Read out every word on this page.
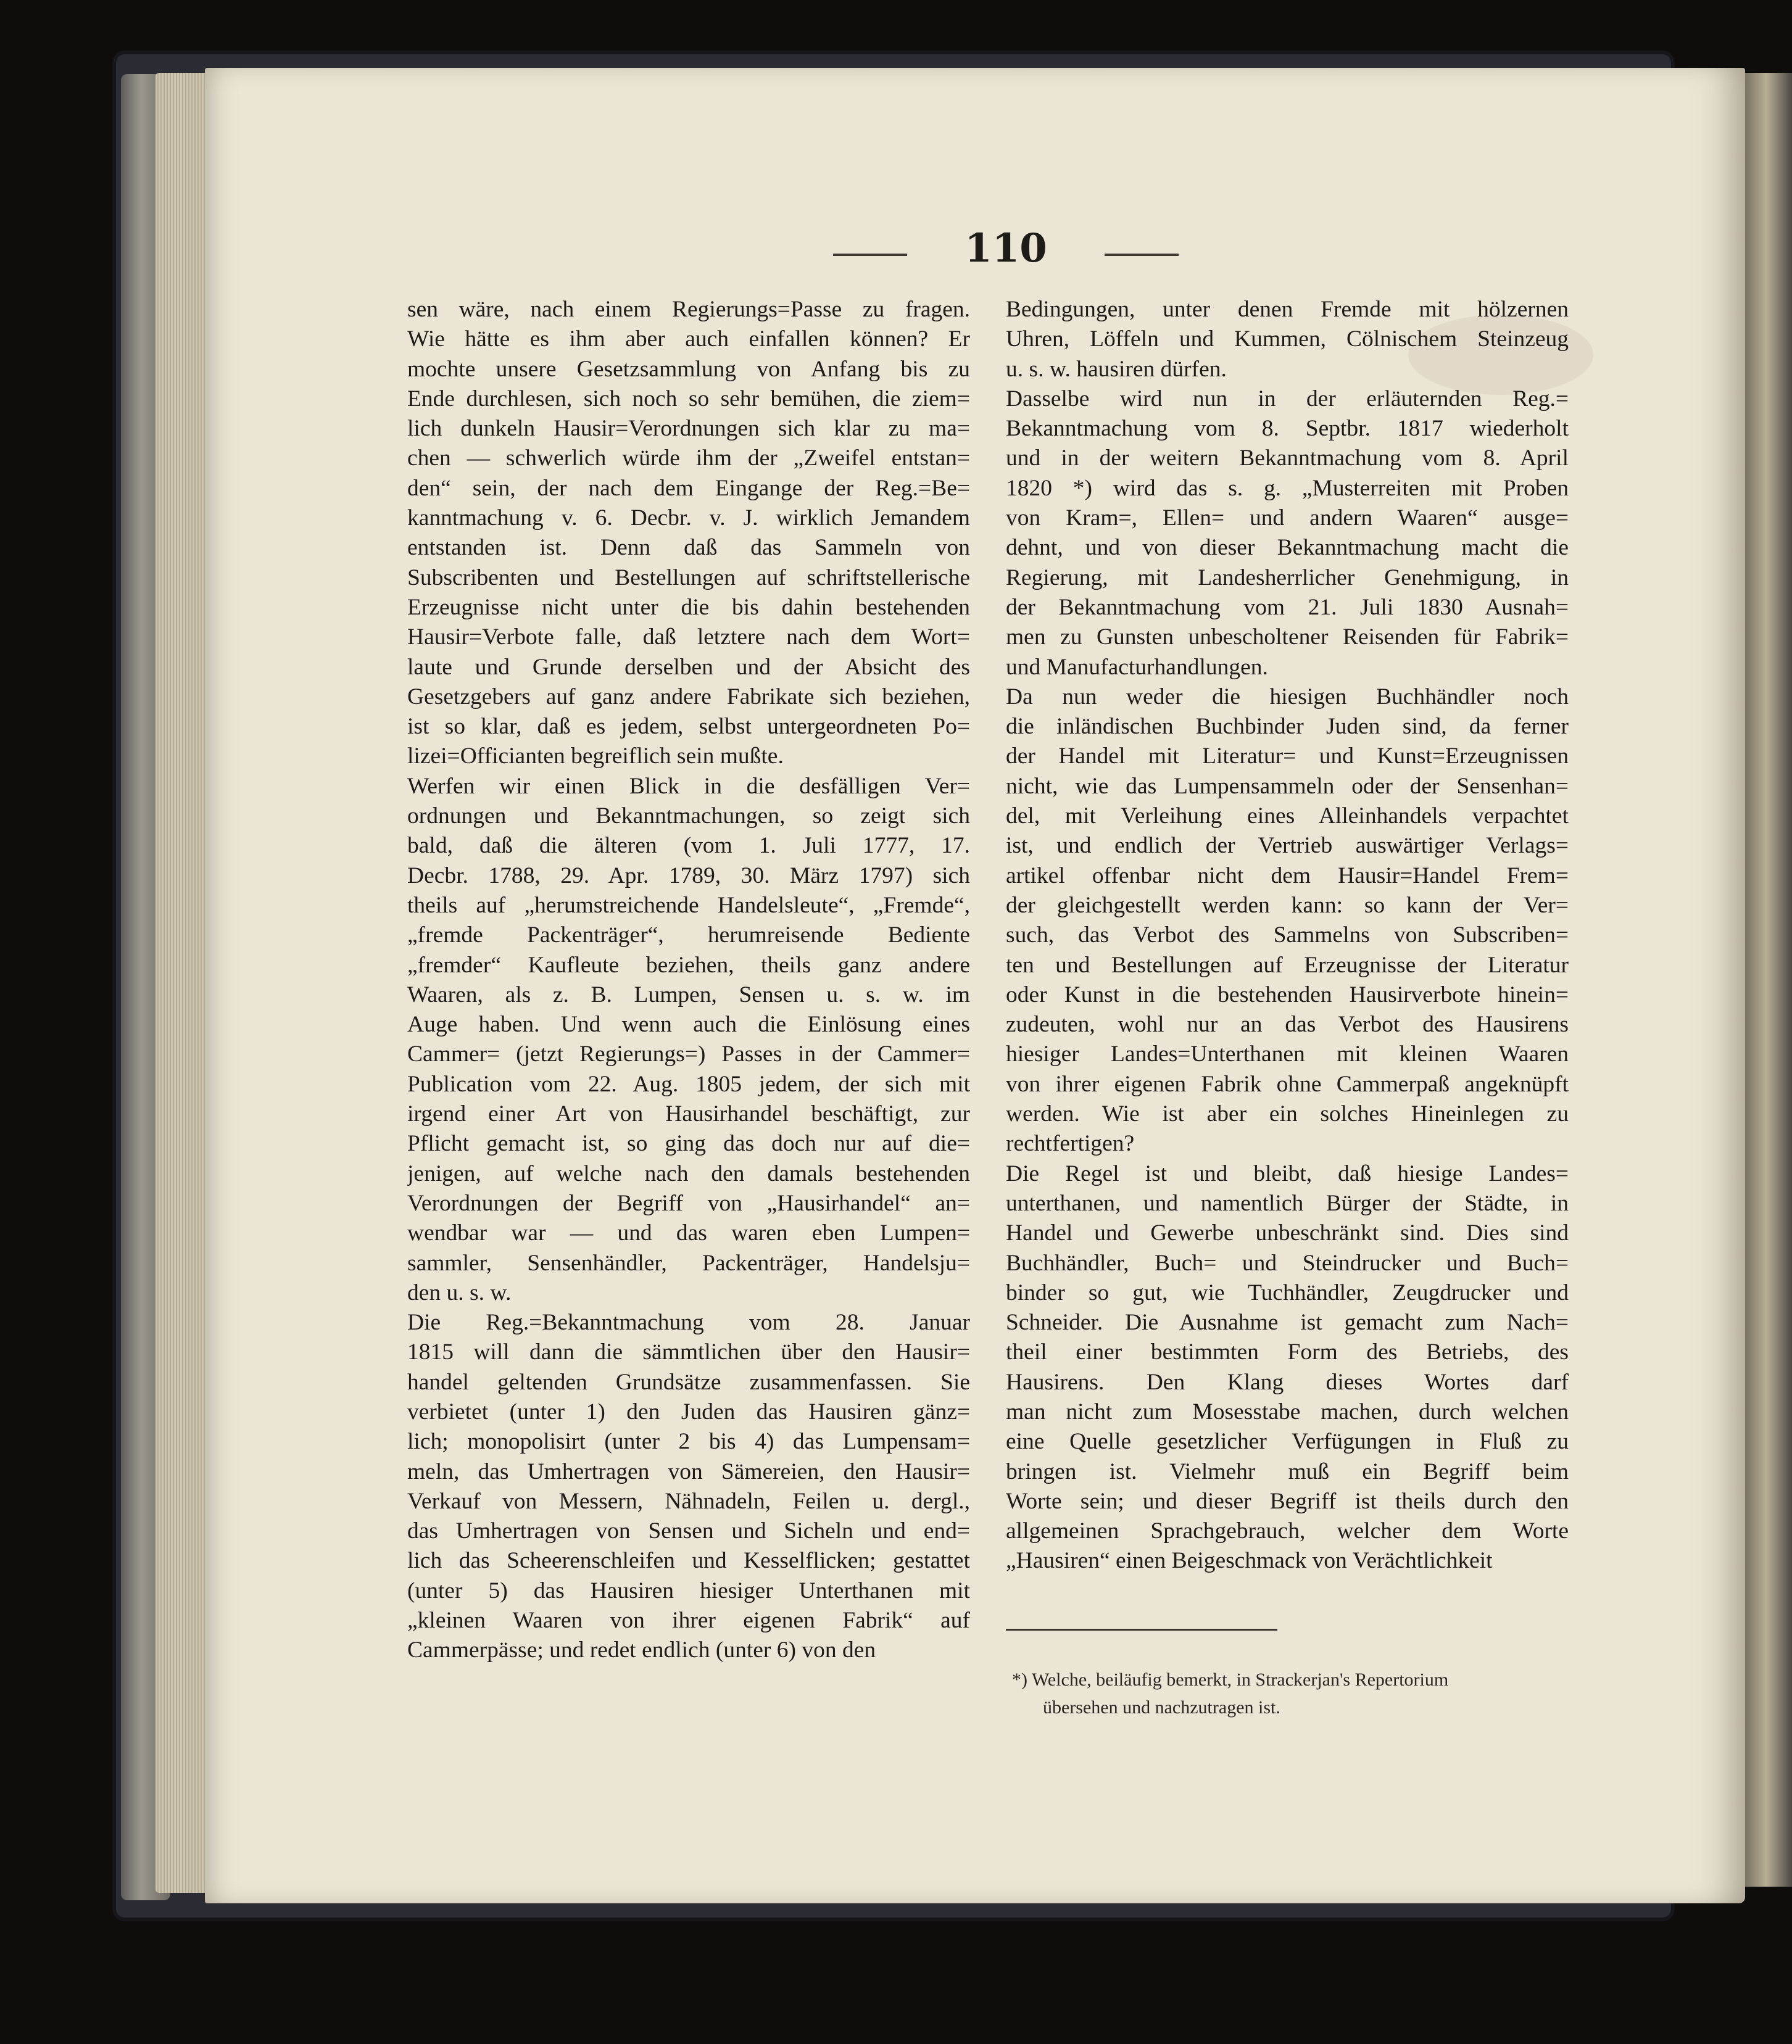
110
sen wäre, nach einem Regierungs=Passe zu fragen.
Wie hätte es ihm aber auch einfallen können? Er
mochte unsere Gesetzsammlung von Anfang bis zu
Ende durchlesen, sich noch so sehr bemühen, die ziem=
lich dunkeln Hausir=Verordnungen sich klar zu ma=
chen — schwerlich würde ihm der „Zweifel entstan=
den“ sein, der nach dem Eingange der Reg.=Be=
kanntmachung v. 6. Decbr. v. J. wirklich Jemandem
entstanden ist. Denn daß das Sammeln von
Subscribenten und Bestellungen auf schriftstellerische
Erzeugnisse nicht unter die bis dahin bestehenden
Hausir=Verbote falle, daß letztere nach dem Wort=
laute und Grunde derselben und der Absicht des
Gesetzgebers auf ganz andere Fabrikate sich beziehen,
ist so klar, daß es jedem, selbst untergeordneten Po=
lizei=Officianten begreiflich sein mußte.
Werfen wir einen Blick in die desfälligen Ver=
ordnungen und Bekanntmachungen, so zeigt sich
bald, daß die älteren (vom 1. Juli 1777, 17.
Decbr. 1788, 29. Apr. 1789, 30. März 1797) sich
theils auf „herumstreichende Handelsleute“, „Fremde“,
„fremde Packenträger“, herumreisende Bediente
„fremder“ Kaufleute beziehen, theils ganz andere
Waaren, als z. B. Lumpen, Sensen u. s. w. im
Auge haben. Und wenn auch die Einlösung eines
Cammer= (jetzt Regierungs=) Passes in der Cammer=
Publication vom 22. Aug. 1805 jedem, der sich mit
irgend einer Art von Hausirhandel beschäftigt, zur
Pflicht gemacht ist, so ging das doch nur auf die=
jenigen, auf welche nach den damals bestehenden
Verordnungen der Begriff von „Hausirhandel“ an=
wendbar war — und das waren eben Lumpen=
sammler, Sensenhändler, Packenträger, Handelsju=
den u. s. w.
Die Reg.=Bekanntmachung vom 28. Januar
1815 will dann die sämmtlichen über den Hausir=
handel geltenden Grundsätze zusammenfassen. Sie
verbietet (unter 1) den Juden das Hausiren gänz=
lich; monopolisirt (unter 2 bis 4) das Lumpensam=
meln, das Umhertragen von Sämereien, den Hausir=
Verkauf von Messern, Nähnadeln, Feilen u. dergl.,
das Umhertragen von Sensen und Sicheln und end=
lich das Scheerenschleifen und Kesselflicken; gestattet
(unter 5) das Hausiren hiesiger Unterthanen mit
„kleinen Waaren von ihrer eigenen Fabrik“ auf
Cammerpässe; und redet endlich (unter 6) von den
Bedingungen, unter denen Fremde mit hölzernen
Uhren, Löffeln und Kummen, Cölnischem Steinzeug
u. s. w. hausiren dürfen.
Dasselbe wird nun in der erläuternden Reg.=
Bekanntmachung vom 8. Septbr. 1817 wiederholt
und in der weitern Bekanntmachung vom 8. April
1820 *) wird das s. g. „Musterreiten mit Proben
von Kram=, Ellen= und andern Waaren“ ausge=
dehnt, und von dieser Bekanntmachung macht die
Regierung, mit Landesherrlicher Genehmigung, in
der Bekanntmachung vom 21. Juli 1830 Ausnah=
men zu Gunsten unbescholtener Reisenden für Fabrik=
und Manufacturhandlungen.
Da nun weder die hiesigen Buchhändler noch
die inländischen Buchbinder Juden sind, da ferner
der Handel mit Literatur= und Kunst=Erzeugnissen
nicht, wie das Lumpensammeln oder der Sensenhan=
del, mit Verleihung eines Alleinhandels verpachtet
ist, und endlich der Vertrieb auswärtiger Verlags=
artikel offenbar nicht dem Hausir=Handel Frem=
der gleichgestellt werden kann: so kann der Ver=
such, das Verbot des Sammelns von Subscriben=
ten und Bestellungen auf Erzeugnisse der Literatur
oder Kunst in die bestehenden Hausirverbote hinein=
zudeuten, wohl nur an das Verbot des Hausirens
hiesiger Landes=Unterthanen mit kleinen Waaren
von ihrer eigenen Fabrik ohne Cammerpaß angeknüpft
werden. Wie ist aber ein solches Hineinlegen zu
rechtfertigen?
Die Regel ist und bleibt, daß hiesige Landes=
unterthanen, und namentlich Bürger der Städte, in
Handel und Gewerbe unbeschränkt sind. Dies sind
Buchhändler, Buch= und Steindrucker und Buch=
binder so gut, wie Tuchhändler, Zeugdrucker und
Schneider. Die Ausnahme ist gemacht zum Nach=
theil einer bestimmten Form des Betriebs, des
Hausirens. Den Klang dieses Wortes darf
man nicht zum Mosesstabe machen, durch welchen
eine Quelle gesetzlicher Verfügungen in Fluß zu
bringen ist. Vielmehr muß ein Begriff beim
Worte sein; und dieser Begriff ist theils durch den
allgemeinen Sprachgebrauch, welcher dem Worte
„Hausiren“ einen Beigeschmack von Verächtlichkeit
*) Welche, beiläufig bemerkt, in Strackerjan's Repertorium
übersehen und nachzutragen ist.
